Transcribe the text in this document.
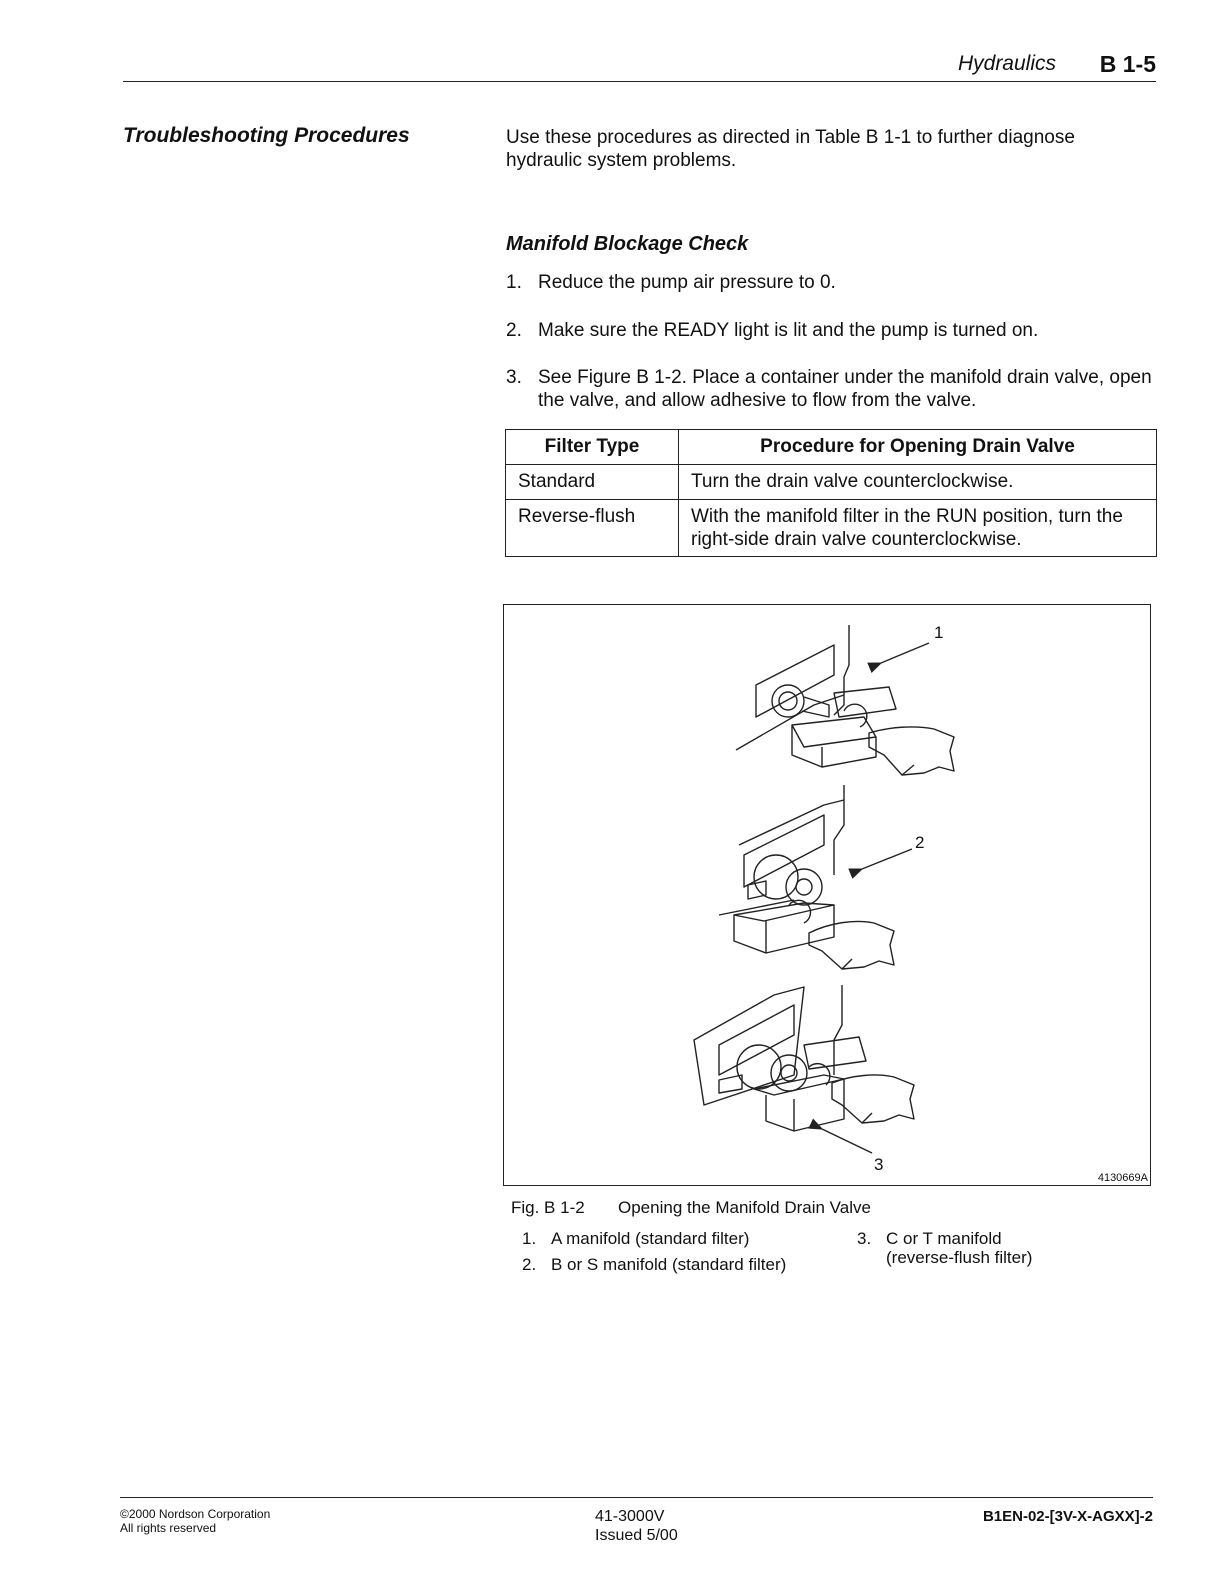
Hydraulics B 1-5
Troubleshooting Procedures	Use these procedures as directed in Table B 1-1 to further diagnose hydraulic system problems.
Manifold Blockage Check
1. Reduce the pump air pressure to 0.
2. Make sure the READY light is lit and the pump is turned on.
3. See Figure B 1-2. Place a container under the manifold drain valve, open the valve, and allow adhesive to flow from the valve.
Filter Type	Procedure for Opening Drain Valve
Standard	Turn the drain valve counterclockwise.
Reverse-flush	With the manifold filter in the RUN position, turn the right-side drain valve counterclockwise.
1
2
3
4130669A
Fig. B 1-2 Opening the Manifold Drain Valve
1. A manifold (standard filter)
2. B or S manifold (standard filter)
3. C or T manifold
(reverse-flush filter)
©2000 Nordson Corporation
All rights reserved
41-3000V
Issued 5/00
B1EN-02-[3V-X-AGXX]-2
